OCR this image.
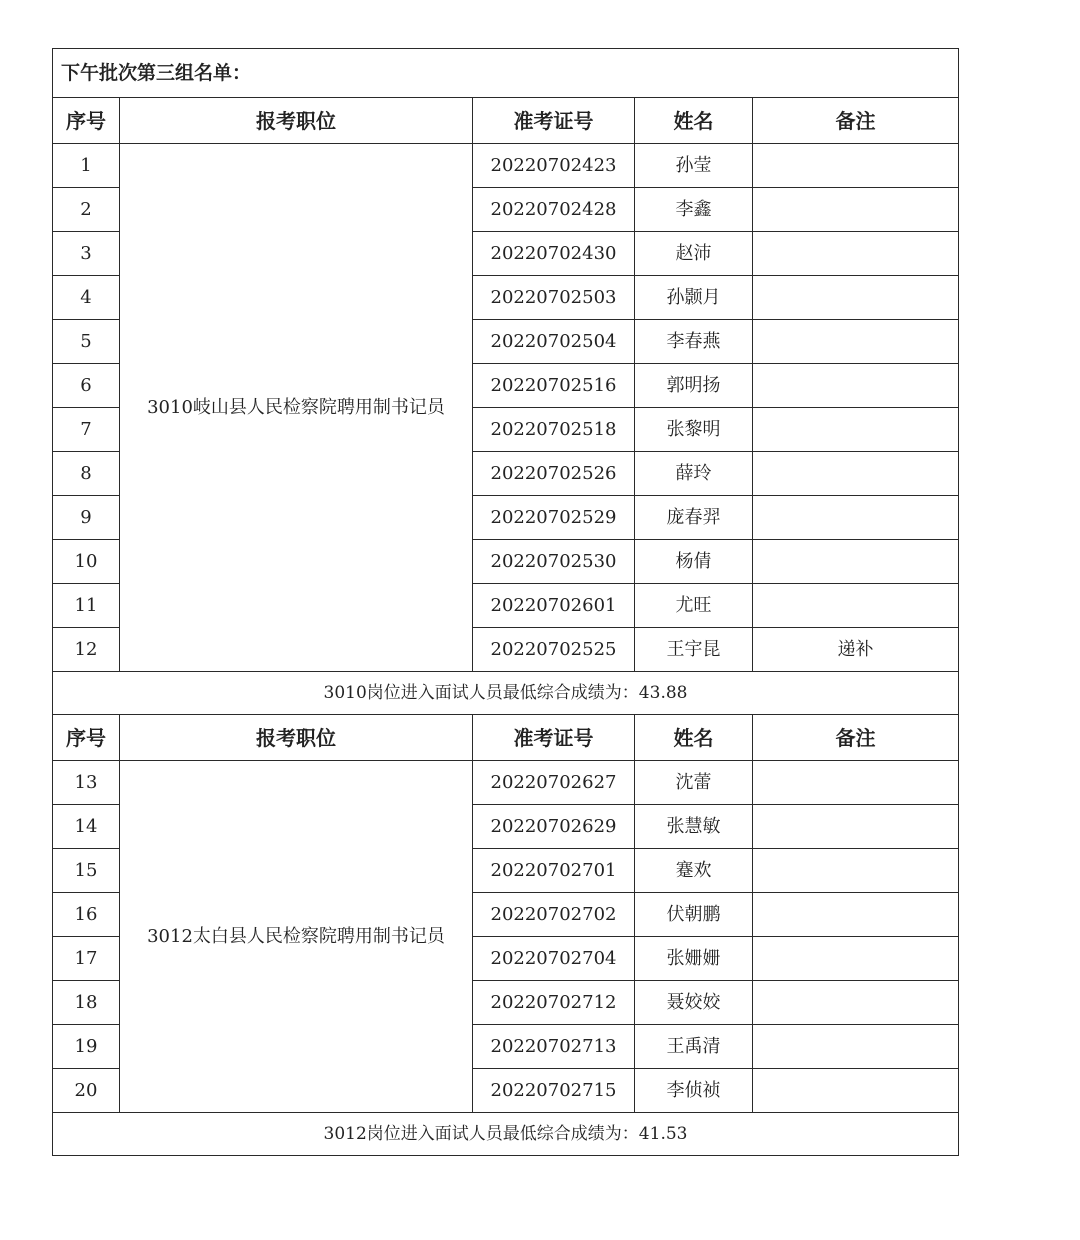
下午批次第三组名单：				
序号	报考职位	准考证号	姓名	备注
1	3010岐山县人民检察院聘用制书记员	20220702423	孙莹	
2		20220702428	李鑫	
3		20220702430	赵沛	
4		20220702503	孙颢月	
5		20220702504	李春燕	
6		20220702516	郭明扬	
7		20220702518	张黎明	
8		20220702526	薛玲	
9		20220702529	庞春羿	
10		20220702530	杨倩	
11		20220702601	尤旺	
12		20220702525	王宇昆	递补
3010岗位进入面试人员最低综合成绩为：43.88				
序号	报考职位	准考证号	姓名	备注
13	3012太白县人民检察院聘用制书记员	20220702627	沈蕾	
14		20220702629	张慧敏	
15		20220702701	蹇欢	
16		20220702702	伏朝鹏	
17		20220702704	张姗姗	
18		20220702712	聂姣姣	
19		20220702713	王禹清	
20		20220702715	李侦祯	
3012岗位进入面试人员最低综合成绩为：41.53				
